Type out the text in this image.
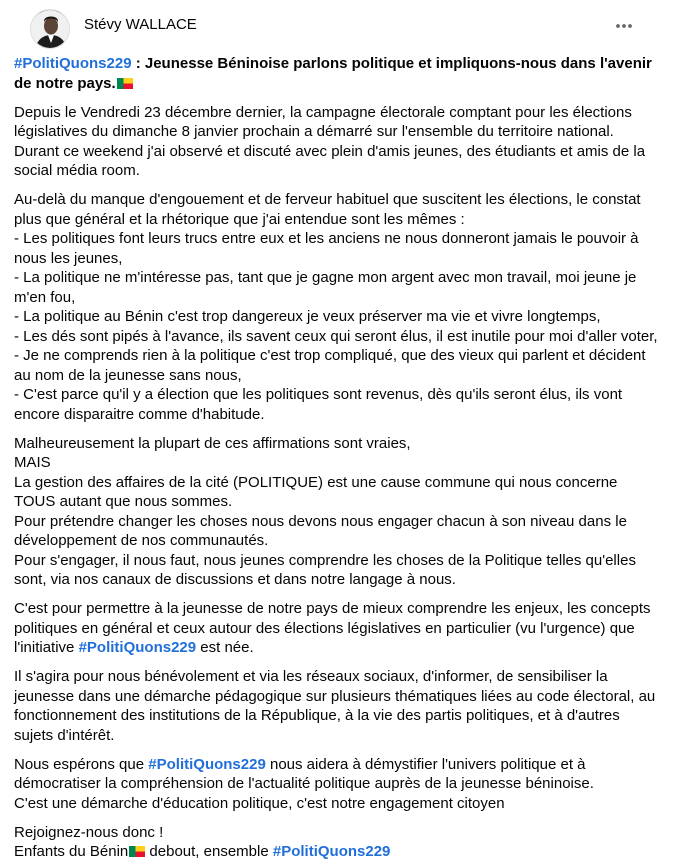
Stévy WALLACE

#PolitiQuons229 : Jeunesse Béninoise parlons politique et impliquons-nous dans l'avenir de notre pays.

Depuis le Vendredi 23 décembre dernier, la campagne électorale comptant pour les élections législatives du dimanche 8 janvier prochain a démarré sur l'ensemble du territoire national.
Durant ce weekend j'ai observé et discuté avec plein d'amis jeunes, des étudiants et amis de la social média room.

Au-delà du manque d'engouement et de ferveur habituel que suscitent les élections, le constat plus que général et la rhétorique que j'ai entendue sont les mêmes :
- Les politiques font leurs trucs entre eux et les anciens ne nous donneront jamais le pouvoir à nous les jeunes,
- La politique ne m'intéresse pas, tant que je gagne mon argent avec mon travail, moi jeune je m'en fou,
- La politique au Bénin c'est trop dangereux je veux préserver ma vie et vivre longtemps,
- Les dés sont pipés à l'avance, ils savent ceux qui seront élus, il est inutile pour moi d'aller voter,
- Je ne comprends rien à la politique c'est trop compliqué, que des vieux qui parlent et décident au nom de la jeunesse sans nous,
- C'est parce qu'il y a élection que les politiques sont revenus, dès qu'ils seront élus, ils vont encore disparaitre comme d'habitude.

Malheureusement la plupart de ces affirmations sont vraies,
MAIS
La gestion des affaires de la cité (POLITIQUE) est une cause commune qui nous concerne TOUS autant que nous sommes.
Pour prétendre changer les choses nous devons nous engager chacun à son niveau dans le développement de nos communautés.
Pour s'engager, il nous faut, nous jeunes comprendre les choses de la Politique telles qu'elles sont, via nos canaux de discussions et dans notre langage à nous.

C'est pour permettre à la jeunesse de notre pays de mieux comprendre les enjeux, les concepts politiques en général et ceux autour des élections législatives en particulier (vu l'urgence) que l'initiative #PolitiQuons229 est née.

Il s'agira pour nous bénévolement et via les réseaux sociaux, d'informer, de sensibiliser la jeunesse dans une démarche pédagogique sur plusieurs thématiques liées au code électoral, au fonctionnement des institutions de la République, à la vie des partis politiques, et à d'autres sujets d'intérêt.

Nous espérons que #PolitiQuons229 nous aidera à démystifier l'univers politique et à démocratiser la compréhension de l'actualité politique auprès de la jeunesse béninoise.
C'est une démarche d'éducation politique, c'est notre engagement citoyen

Rejoignez-nous donc !
Enfants du Bénin debout, ensemble #PolitiQuons229
